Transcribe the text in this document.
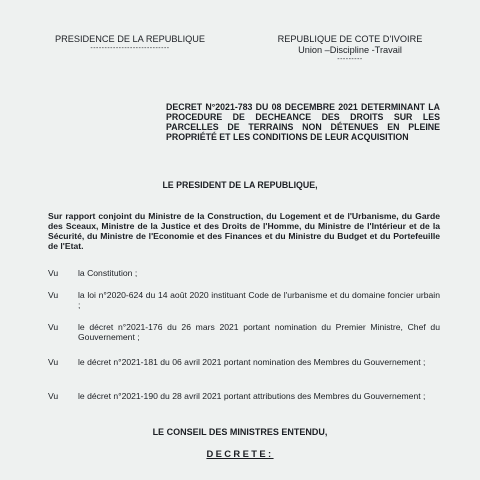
PRESIDENCE DE LA REPUBLIQUE
----------------------------
REPUBLIQUE DE COTE D'IVOIRE
Union –Discipline -Travail
---------
DECRET N°2021-783 DU 08 DECEMBRE 2021 DETERMINANT LA PROCEDURE DE DECHEANCE DES DROITS SUR LES PARCELLES DE TERRAINS NON DÉTENUES EN PLEINE PROPRIÉTÉ ET LES CONDITIONS DE LEUR ACQUISITION
LE PRESIDENT DE LA REPUBLIQUE,
Sur rapport conjoint du Ministre de la Construction, du Logement et de l'Urbanisme, du Garde des Sceaux, Ministre de la Justice et des Droits de l'Homme, du Ministre de l'Intérieur et de la Sécurité, du Ministre de l'Economie et des Finances et du Ministre du Budget et du Portefeuille de l'Etat.
Vu la Constitution ;
Vu la loi n°2020-624 du 14 août 2020 instituant Code de l'urbanisme et du domaine foncier urbain ;
Vu le décret n°2021-176 du 26 mars 2021 portant nomination du Premier Ministre, Chef du Gouvernement ;
Vu le décret n°2021-181 du 06 avril 2021 portant nomination des Membres du Gouvernement ;
Vu le décret n°2021-190 du 28 avril 2021 portant attributions des Membres du Gouvernement ;
LE CONSEIL DES MINISTRES ENTENDU,
DECRETE:
